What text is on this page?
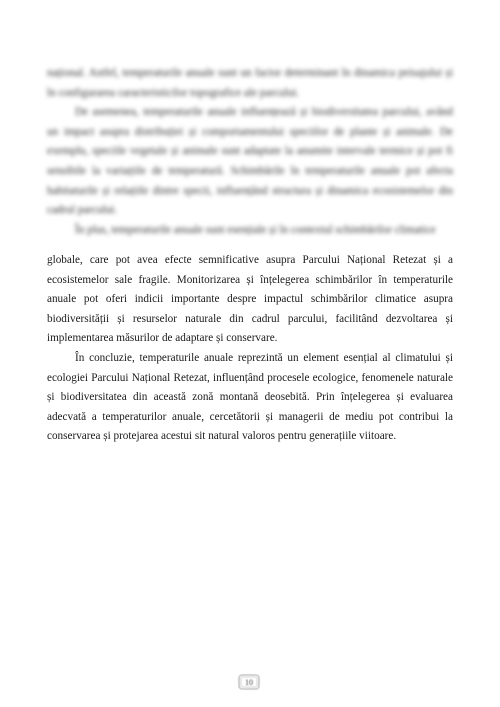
național. Astfel, temperaturile anuale sunt un factor determinant în dinamica peisajului și în configurarea caracteristicilor topografice ale parcului.

De asemenea, temperaturile anuale influențează și biodiversitatea parcului, având un impact asupra distribuției și comportamentului speciilor de plante și animale. De exemplu, speciile vegetale și animale sunt adaptate la anumite intervale termice și pot fi sensibile la variațiile de temperatură. Schimbările în temperaturile anuale pot afecta habitaturile și relațiile dintre specii, influențând structura și dinamica ecosistemelor din cadrul parcului.

În plus, temperaturile anuale sunt esențiale și în contextul schimbărilor climatice

globale, care pot avea efecte semnificative asupra Parcului Național Retezat și a ecosistemelor sale fragile. Monitorizarea și înțelegerea schimbărilor în temperaturile anuale pot oferi indicii importante despre impactul schimbărilor climatice asupra biodiversității și resurselor naturale din cadrul parcului, facilitând dezvoltarea și implementarea măsurilor de adaptare și conservare.

În concluzie, temperaturile anuale reprezintă un element esențial al climatului și ecologiei Parcului Național Retezat, influențând procesele ecologice, fenomenele naturale și biodiversitatea din această zonă montană deosebită. Prin înțelegerea și evaluarea adecvată a temperaturilor anuale, cercetătorii și managerii de mediu pot contribui la conservarea și protejarea acestui sit natural valoros pentru generațiile viitoare.

10
